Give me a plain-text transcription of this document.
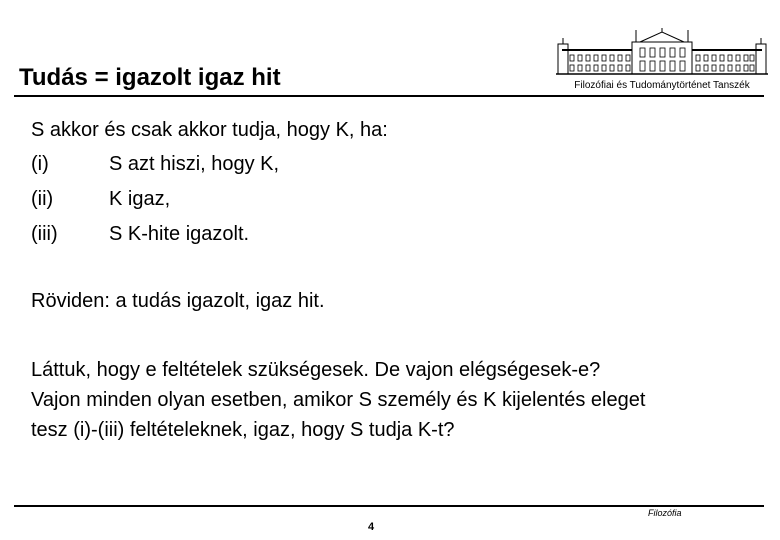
Tudás = igazolt igaz hit	Filozófiai és Tudománytörténet Tanszék
S akkor és csak akkor tudja, hogy K, ha:
(i)	S azt hiszi, hogy K,
(ii)	K igaz,
(iii)	S K-hite igazolt.
Röviden: a tudás igazolt, igaz hit.
Láttuk, hogy e feltételek szükségesek. De vajon elégségesek-e?
Vajon minden olyan esetben, amikor S személy és K kijelentés eleget
tesz (i)-(iii) feltételeknek, igaz, hogy S tudja K-t?
Filozófia
4
